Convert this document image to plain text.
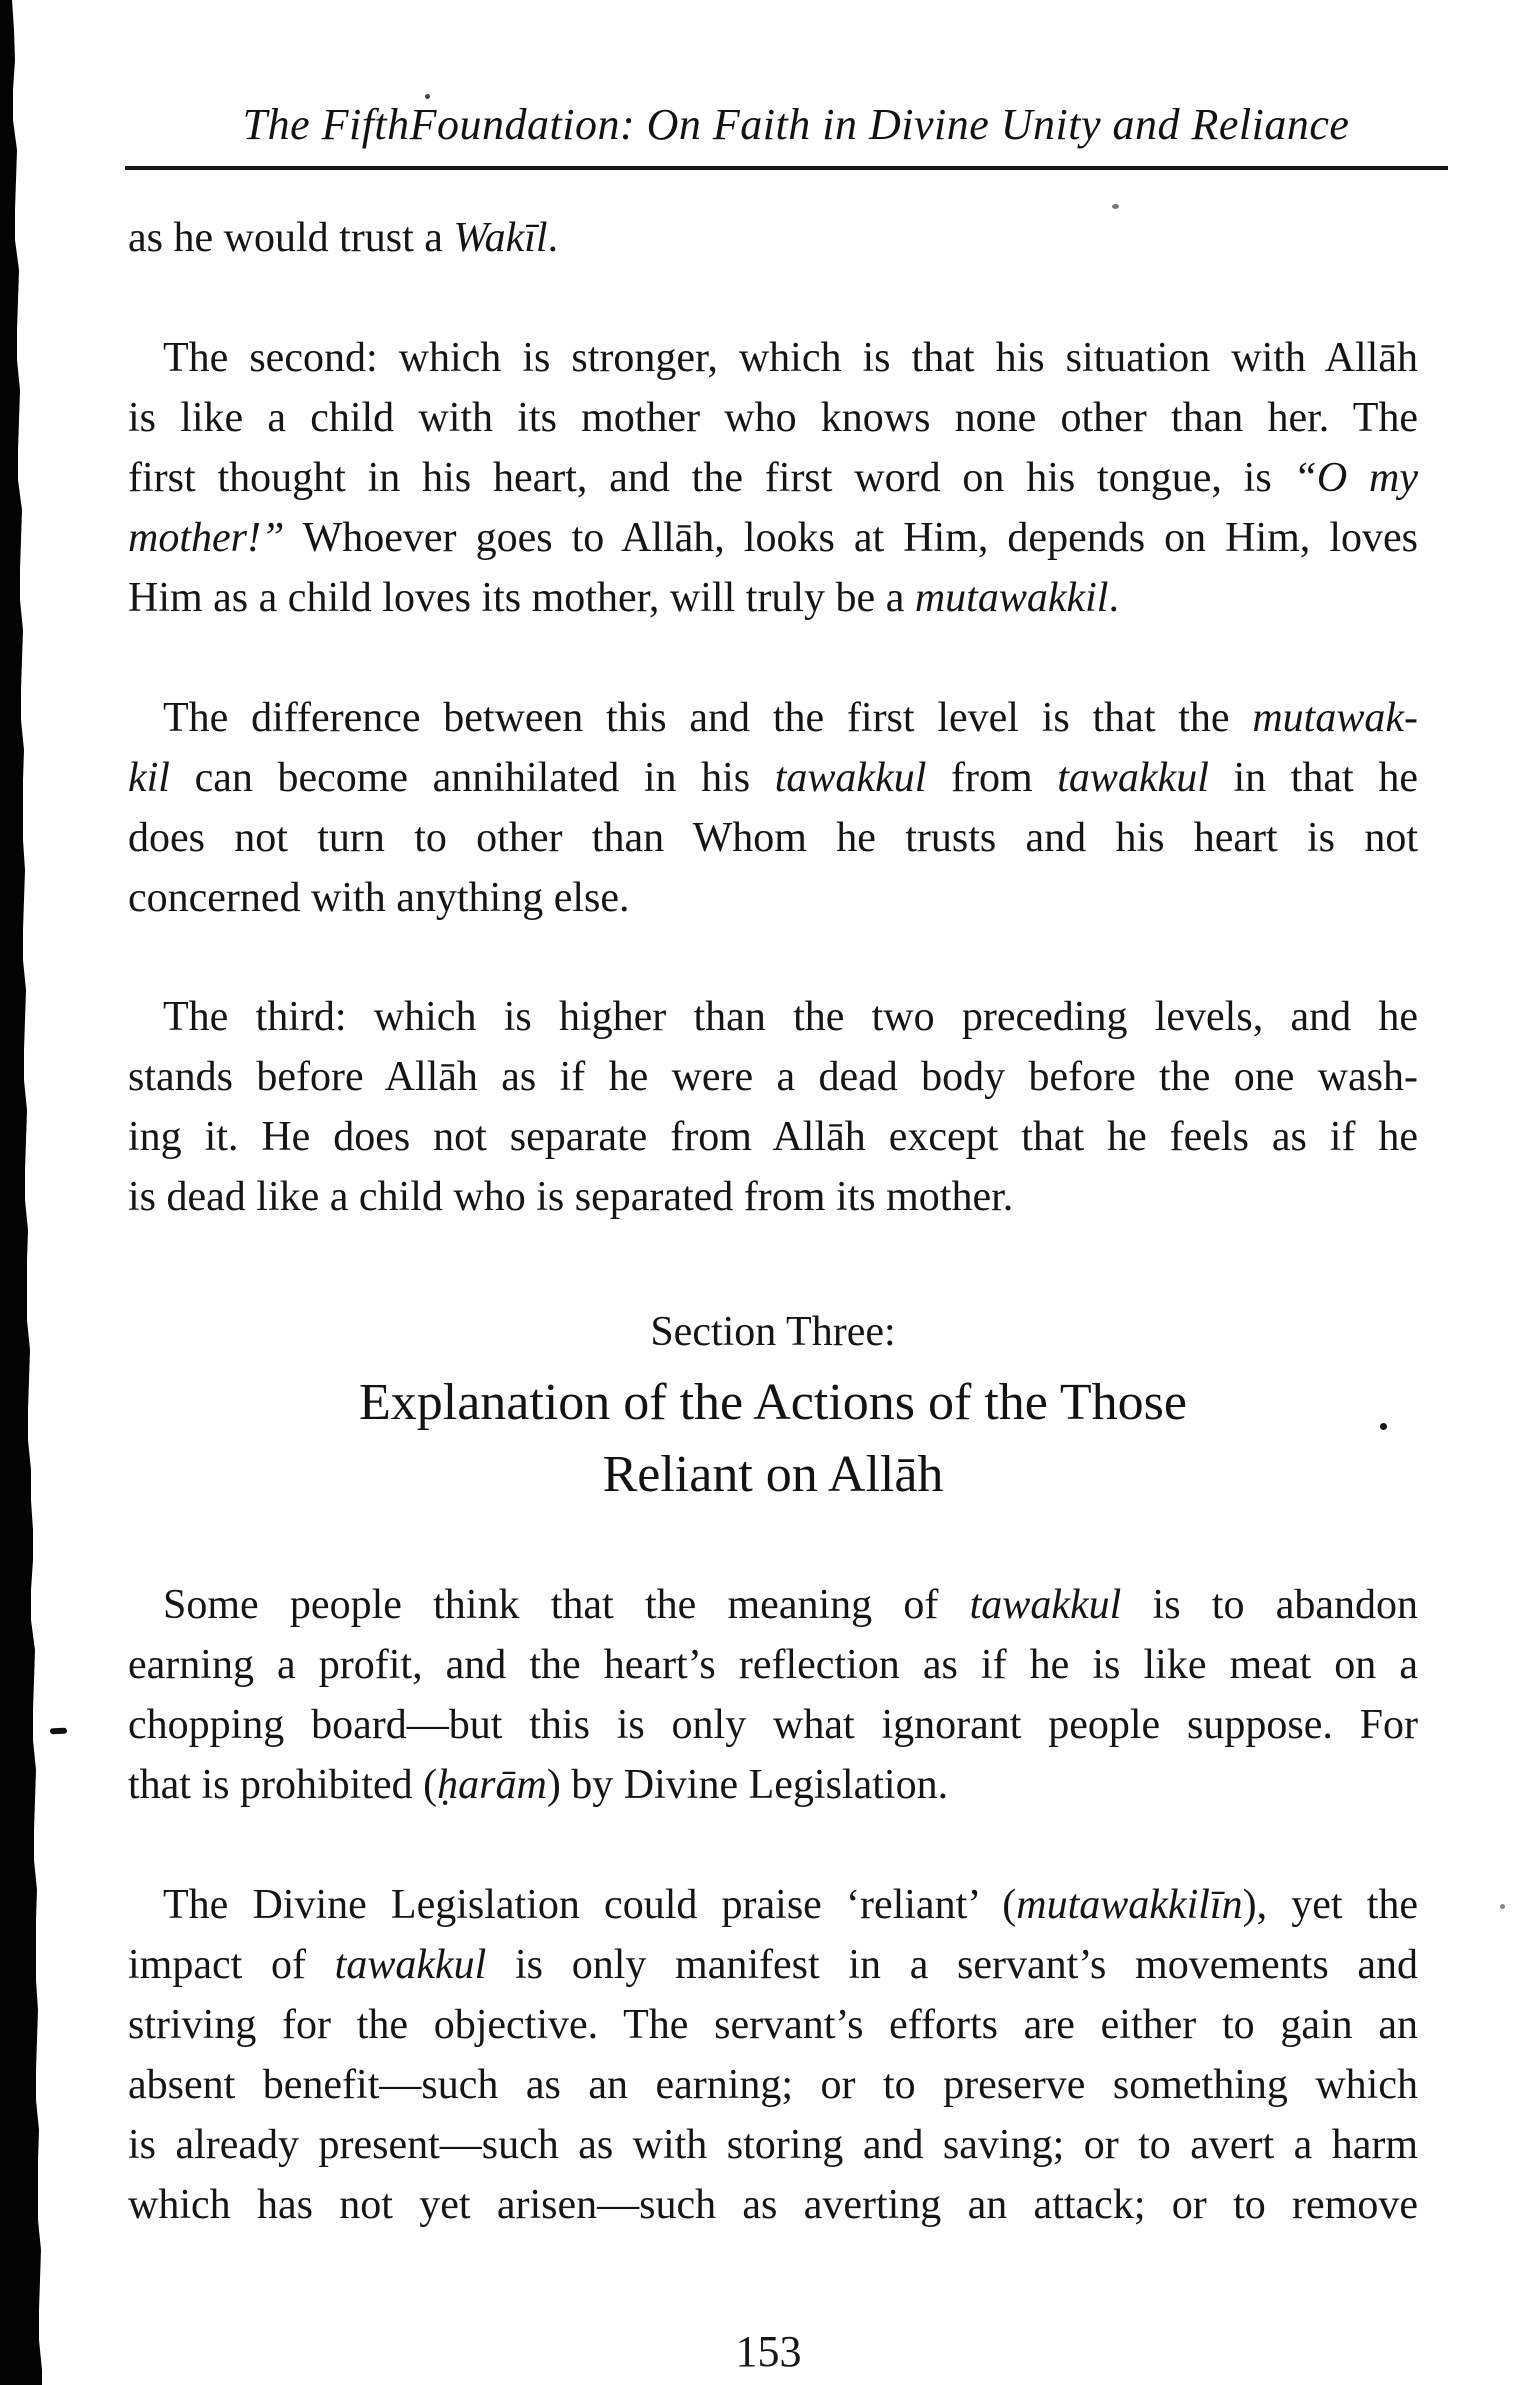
The FifthFoundation: On Faith in Divine Unity and Reliance
as he would trust a Wakīl.
The second: which is stronger, which is that his situation with Allāh
is like a child with its mother who knows none other than her. The
first thought in his heart, and the first word on his tongue, is “O my
mother!” Whoever goes to Allāh, looks at Him, depends on Him, loves
Him as a child loves its mother, will truly be a mutawakkil.
The difference between this and the first level is that the mutawak-
kil can become annihilated in his tawakkul from tawakkul in that he
does not turn to other than Whom he trusts and his heart is not
concerned with anything else.
The third: which is higher than the two preceding levels, and he
stands before Allāh as if he were a dead body before the one wash-
ing it. He does not separate from Allāh except that he feels as if he
is dead like a child who is separated from its mother.
Some people think that the meaning of tawakkul is to abandon
earning a profit, and the heart’s reflection as if he is like meat on a
chopping board—but this is only what ignorant people suppose. For
that is prohibited (ḥarām) by Divine Legislation.
The Divine Legislation could praise ‘reliant’ (mutawakkilīn), yet the
impact of tawakkul is only manifest in a servant’s movements and
striving for the objective. The servant’s efforts are either to gain an
absent benefit—such as an earning; or to preserve something which
is already present—such as with storing and saving; or to avert a harm
which has not yet arisen—such as averting an attack; or to remove
Section Three:
Explanation of the Actions of the Those
Reliant on Allāh
153
